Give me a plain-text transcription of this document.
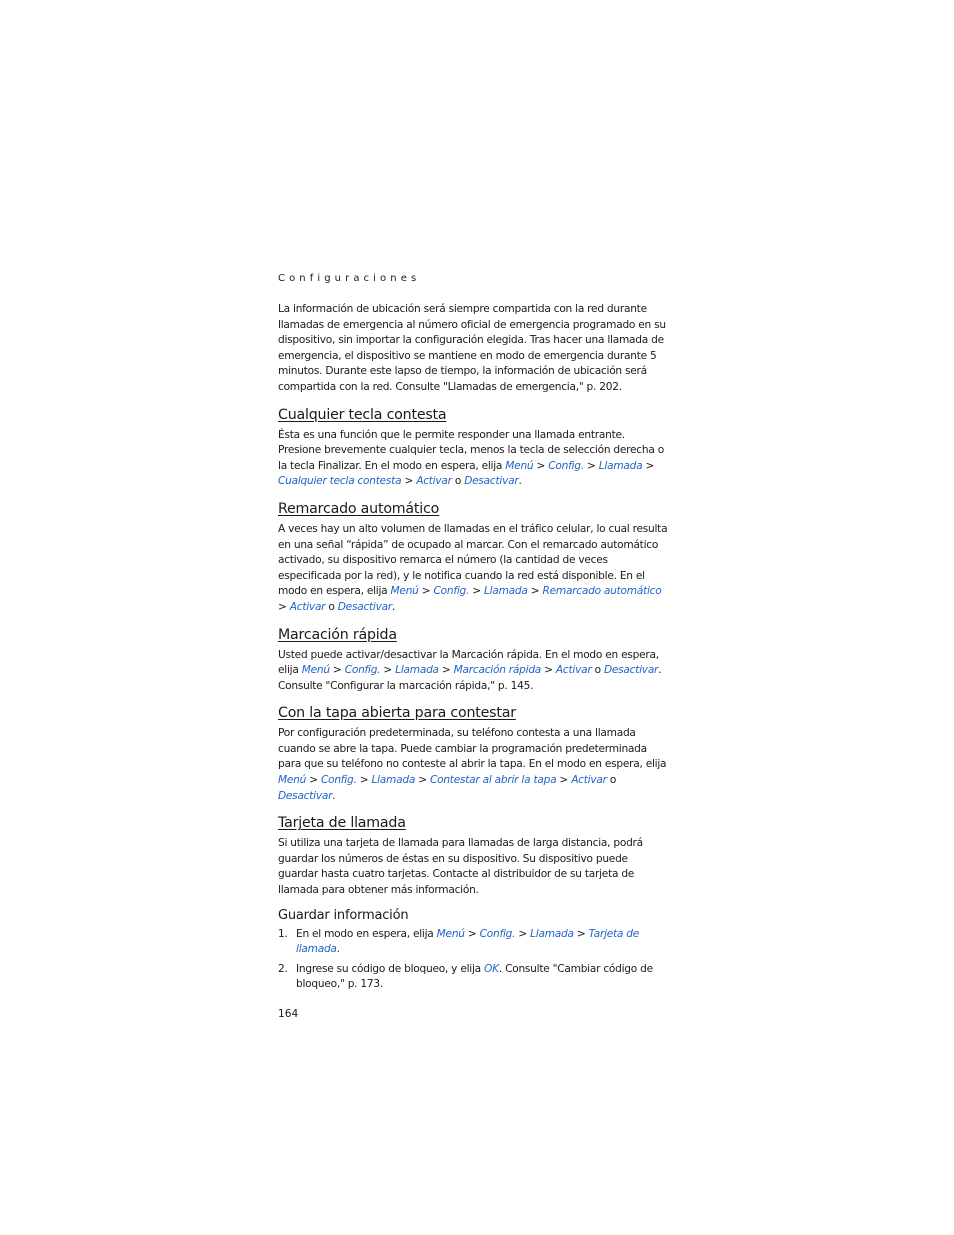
Configuraciones

La información de ubicación será siempre compartida con la red durante llamadas de emergencia al número oficial de emergencia programado en su dispositivo, sin importar la configuración elegida. Tras hacer una llamada de emergencia, el dispositivo se mantiene en modo de emergencia durante 5 minutos. Durante este lapso de tiempo, la información de ubicación será compartida con la red. Consulte "Llamadas de emergencia," p. 202.

Cualquier tecla contesta

Ésta es una función que le permite responder una llamada entrante. Presione brevemente cualquier tecla, menos la tecla de selección derecha o la tecla Finalizar. En el modo en espera, elija Menú > Config. > Llamada > Cualquier tecla contesta > Activar o Desactivar.

Remarcado automático

A veces hay un alto volumen de llamadas en el tráfico celular, lo cual resulta en una señal “rápida” de ocupado al marcar. Con el remarcado automático activado, su dispositivo remarca el número (la cantidad de veces especificada por la red), y le notifica cuando la red está disponible. En el modo en espera, elija Menú > Config. > Llamada > Remarcado automático > Activar o Desactivar.

Marcación rápida

Usted puede activar/desactivar la Marcación rápida. En el modo en espera, elija Menú > Config. > Llamada > Marcación rápida > Activar o Desactivar. Consulte "Configurar la marcación rápida," p. 145.

Con la tapa abierta para contestar

Por configuración predeterminada, su teléfono contesta a una llamada cuando se abre la tapa. Puede cambiar la programación predeterminada para que su teléfono no conteste al abrir la tapa. En el modo en espera, elija Menú > Config. > Llamada > Contestar al abrir la tapa > Activar o Desactivar.

Tarjeta de llamada

Si utiliza una tarjeta de llamada para llamadas de larga distancia, podrá guardar los números de éstas en su dispositivo. Su dispositivo puede guardar hasta cuatro tarjetas. Contacte al distribuidor de su tarjeta de llamada para obtener más información.

Guardar información
1. En el modo en espera, elija Menú > Config. > Llamada > Tarjeta de llamada.
2. Ingrese su código de bloqueo, y elija OK. Consulte "Cambiar código de bloqueo," p. 173.
164
